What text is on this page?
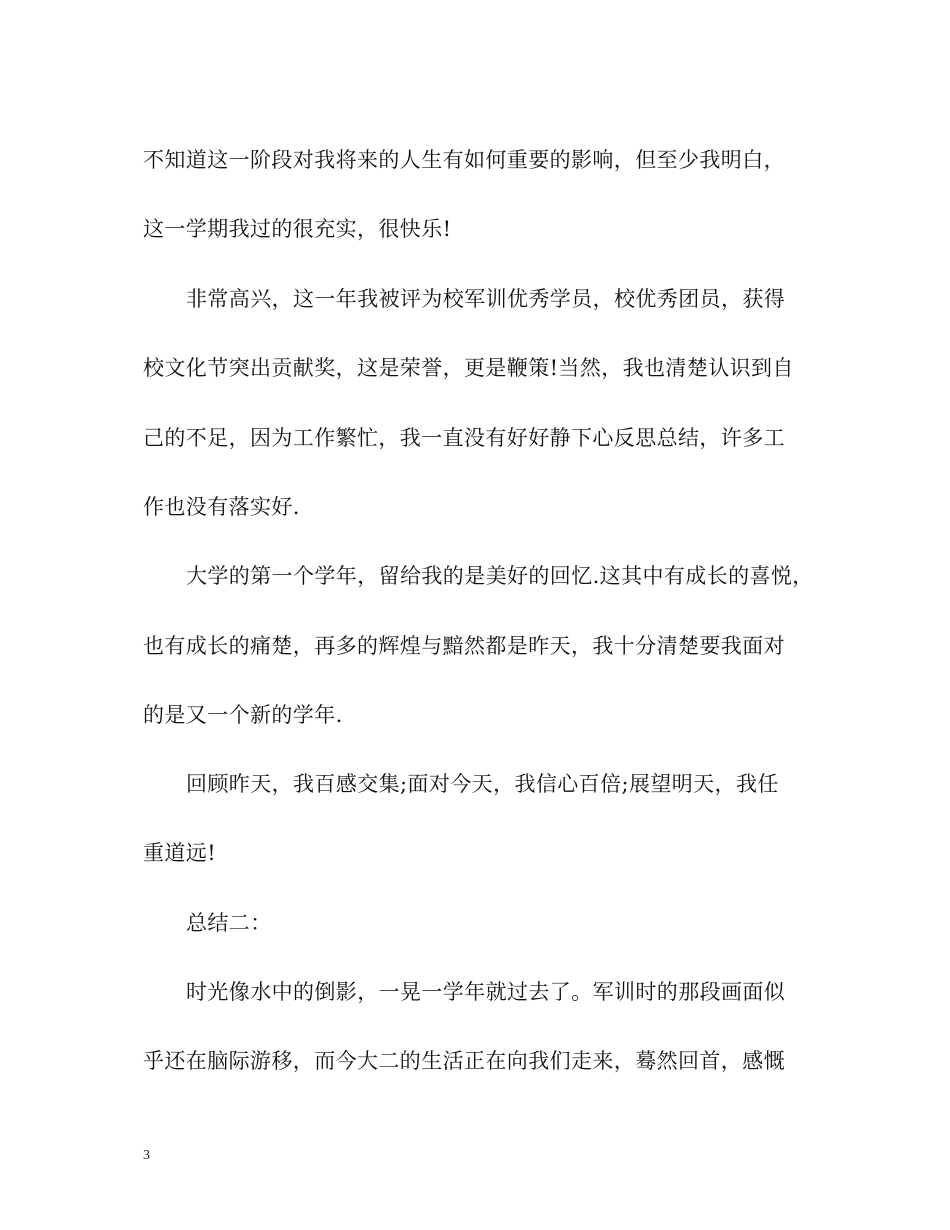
不知道这一阶段对我将来的人生有如何重要的影响，但至少我明白，
这一学期我过的很充实，很快乐!
非常高兴，这一年我被评为校军训优秀学员，校优秀团员，获得
校文化节突出贡献奖，这是荣誉，更是鞭策!当然，我也清楚认识到自
己的不足，因为工作繁忙，我一直没有好好静下心反思总结，许多工
作也没有落实好.
大学的第一个学年，留给我的是美好的回忆.这其中有成长的喜悦，
也有成长的痛楚，再多的辉煌与黯然都是昨天，我十分清楚要我面对
的是又一个新的学年.
回顾昨天，我百感交集;面对今天，我信心百倍;展望明天，我任
重道远!
总结二：
时光像水中的倒影，一晃一学年就过去了。军训时的那段画面似
乎还在脑际游移，而今大二的生活正在向我们走来，蓦然回首，感慨
3
